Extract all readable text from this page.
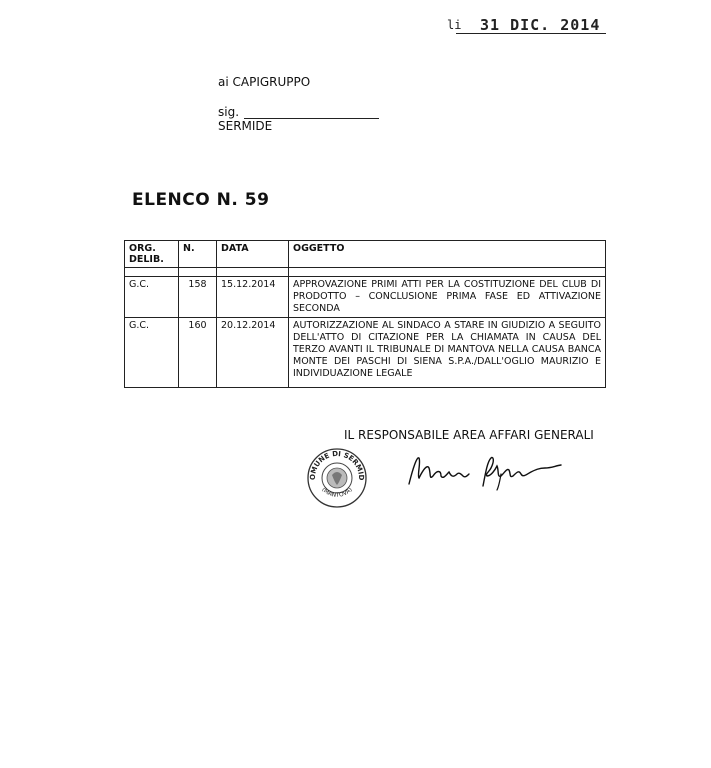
li	31 DIC. 2014
ai CAPIGRUPPO
sig.
SERMIDE
ELENCO N. 59
ORG. DELIB.	N.	DATA	OGGETTO

G.C.	158	15.12.2014	APPROVAZIONE PRIMI ATTI PER LA COSTITUZIONE DEL CLUB DI PRODOTTO – CONCLUSIONE PRIMA FASE ED ATTIVAZIONE SECONDA
G.C.	160	20.12.2014	AUTORIZZAZIONE AL SINDACO A STARE IN GIUDIZIO A SEGUITO DELL'ATTO DI CITAZIONE PER LA CHIAMATA IN CAUSA DEL TERZO AVANTI IL TRIBUNALE DI MANTOVA NELLA CAUSA BANCA MONTE DEI PASCHI DI SIENA S.P.A./DALL'OGLIO MAURIZIO E INDIVIDUAZIONE LEGALE
IL RESPONSABILE AREA AFFARI GENERALI
OMUNE DI SERMID
(MANTOVA)
